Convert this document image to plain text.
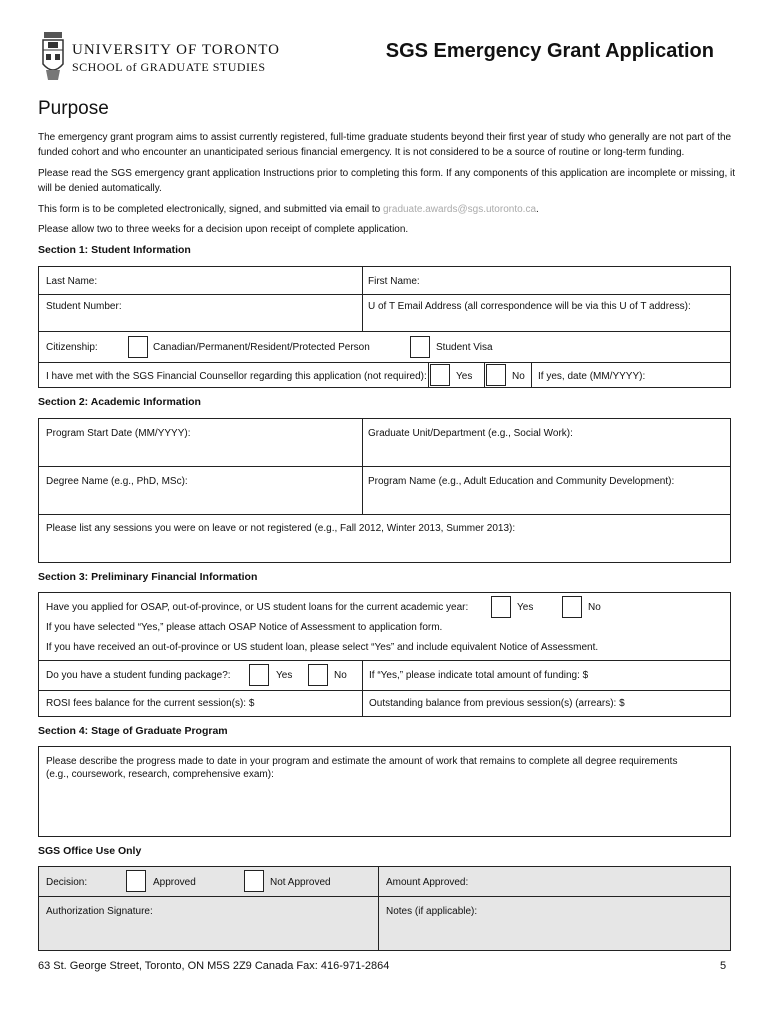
UNIVERSITY OF TORONTO
SCHOOL of GRADUATE STUDIES
SGS Emergency Grant Application
Purpose
The emergency grant program aims to assist currently registered, full-time graduate students beyond their first year of study who generally are not part of the funded cohort and who encounter an unanticipated serious financial emergency. It is not considered to be a source of routine or long-term funding.
Please read the SGS emergency grant application Instructions prior to completing this form. If any components of this application are incomplete or missing, it will be denied automatically.
This form is to be completed electronically, signed, and submitted via email to graduate.awards@sgs.utoronto.ca.
Please allow two to three weeks for a decision upon receipt of complete application.
Section 1: Student Information
Last Name:	First Name:
Student Number:	U of T Email Address (all correspondence will be via this U of T address):
Citizenship:	Canadian/Permanent/Resident/Protected Person	Student Visa
I have met with the SGS Financial Counsellor regarding this application (not required):	Yes	No If yes, date (MM/YYYY):
Section 2: Academic Information
Program Start Date (MM/YYYY):	Graduate Unit/Department (e.g., Social Work):
Degree Name (e.g., PhD, MSc):	Program Name (e.g., Adult Education and Community Development):
Please list any sessions you were on leave or not registered (e.g., Fall 2012, Winter 2013, Summer 2013):
Section 3: Preliminary Financial Information
Have you applied for OSAP, out-of-province, or US student loans for the current academic year:	Yes	No
If you have selected “Yes,” please attach OSAP Notice of Assessment to application form.
If you have received an out-of-province or US student loan, please select “Yes” and include equivalent Notice of Assessment.
Do you have a student funding package?:	Yes	No If “Yes,” please indicate total amount of funding: $
ROSI fees balance for the current session(s): $	Outstanding balance from previous session(s) (arrears): $
Section 4: Stage of Graduate Program
Please describe the progress made to date in your program and estimate the amount of work that remains to complete all degree requirements (e.g., coursework, research, comprehensive exam):
SGS Office Use Only
Decision:	Approved	Not Approved	Amount Approved:
Authorization Signature:	Notes (if applicable):
63 St. George Street, Toronto, ON M5S 2Z9 Canada Fax: 416-971-2864	5
